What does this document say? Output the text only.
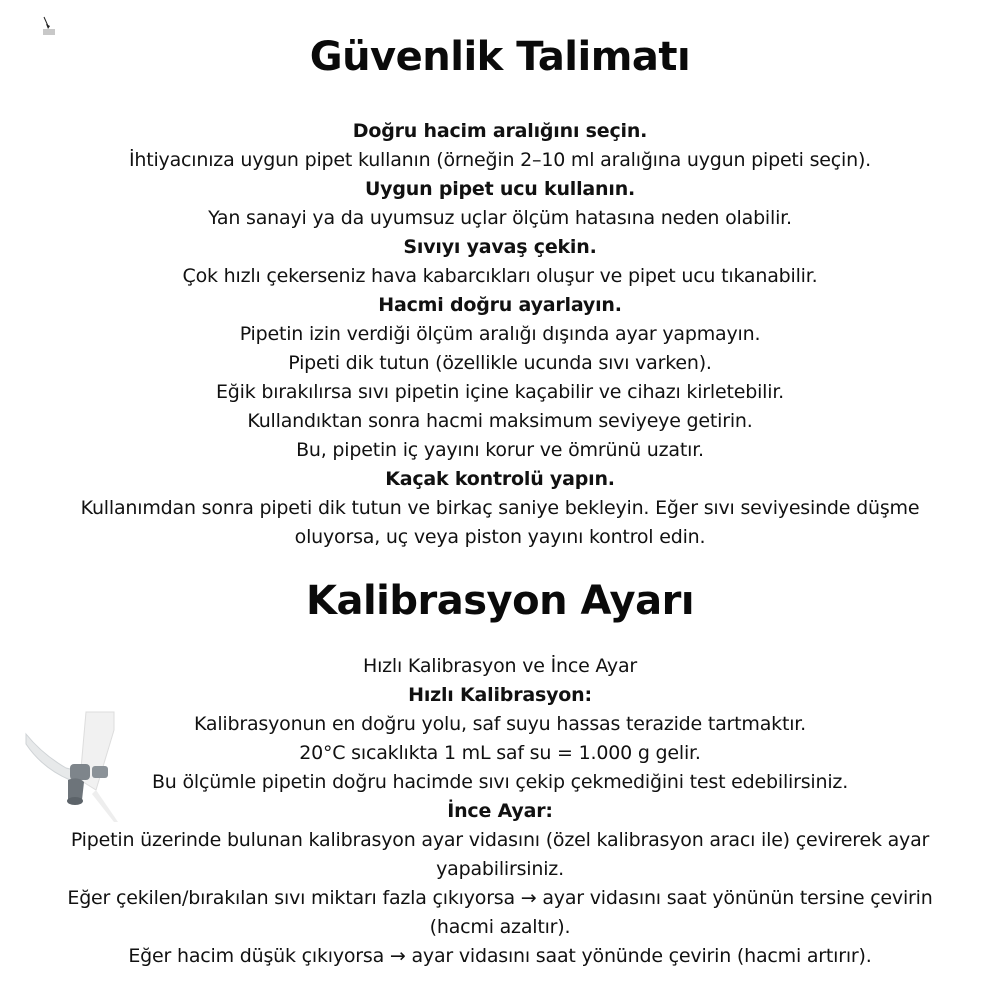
Güvenlik Talimatı
Doğru hacim aralığını seçin.
İhtiyacınıza uygun pipet kullanın (örneğin 2–10 ml aralığına uygun pipeti seçin).
Uygun pipet ucu kullanın.
Yan sanayi ya da uyumsuz uçlar ölçüm hatasına neden olabilir.
Sıvıyı yavaş çekin.
Çok hızlı çekerseniz hava kabarcıkları oluşur ve pipet ucu tıkanabilir.
Hacmi doğru ayarlayın.
Pipetin izin verdiği ölçüm aralığı dışında ayar yapmayın.
Pipeti dik tutun (özellikle ucunda sıvı varken).
Eğik bırakılırsa sıvı pipetin içine kaçabilir ve cihazı kirletebilir.
Kullandıktan sonra hacmi maksimum seviyeye getirin.
Bu, pipetin iç yayını korur ve ömrünü uzatır.
Kaçak kontrolü yapın.
Kullanımdan sonra pipeti dik tutun ve birkaç saniye bekleyin. Eğer sıvı seviyesinde düşme
oluyorsa, uç veya piston yayını kontrol edin.
Kalibrasyon Ayarı
Hızlı Kalibrasyon ve İnce Ayar
Hızlı Kalibrasyon:
Kalibrasyonun en doğru yolu, saf suyu hassas terazide tartmaktır.
20°C sıcaklıkta 1 mL saf su = 1.000 g gelir.
Bu ölçümle pipetin doğru hacimde sıvı çekip çekmediğini test edebilirsiniz.
İnce Ayar:
Pipetin üzerinde bulunan kalibrasyon ayar vidasını (özel kalibrasyon aracı ile) çevirerek ayar
yapabilirsiniz.
Eğer çekilen/bırakılan sıvı miktarı fazla çıkıyorsa → ayar vidasını saat yönünün tersine çevirin
(hacmi azaltır).
Eğer hacim düşük çıkıyorsa → ayar vidasını saat yönünde çevirin (hacmi artırır).
